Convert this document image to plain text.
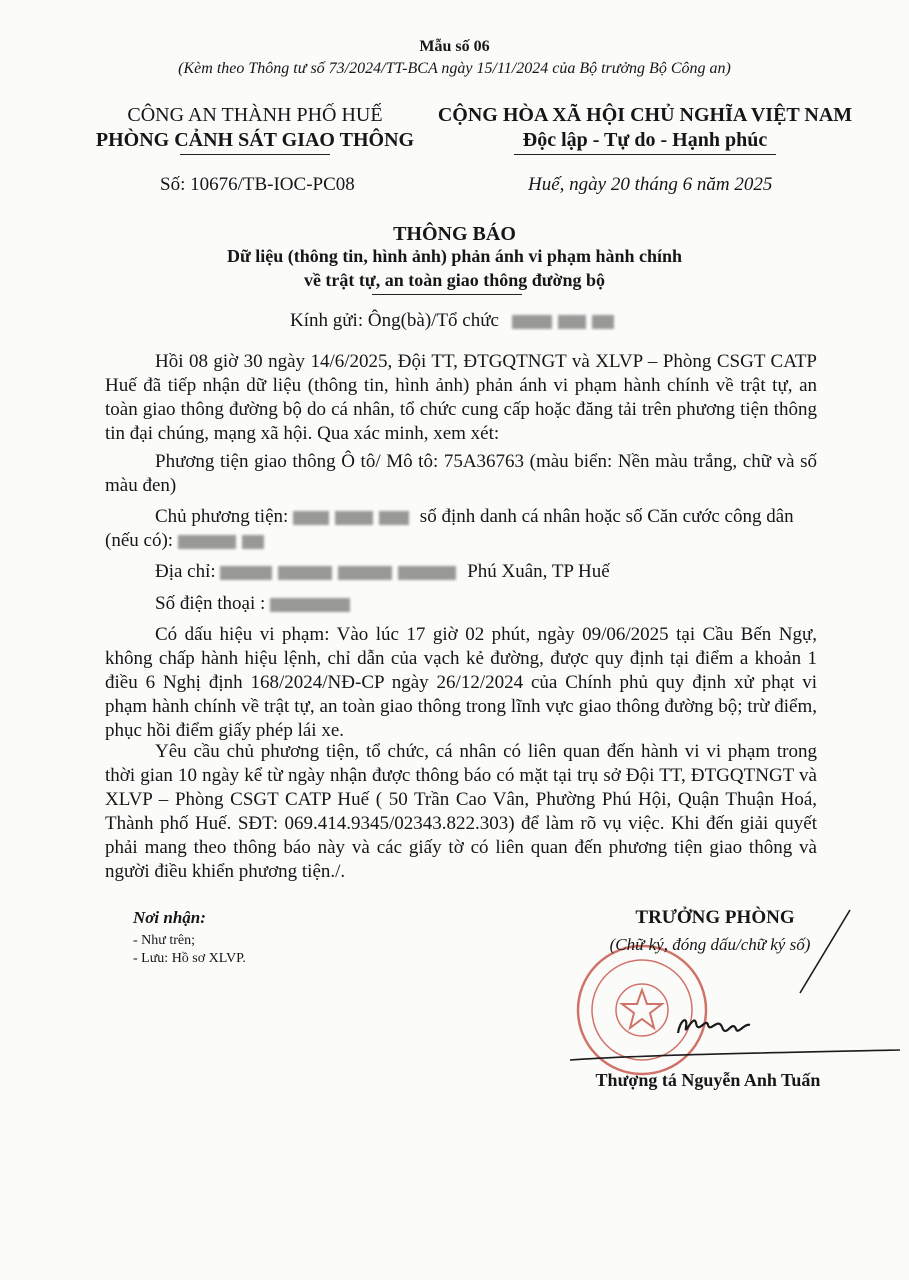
Mẫu số 06
(Kèm theo Thông tư số 73/2024/TT-BCA ngày 15/11/2024 của Bộ trưởng Bộ Công an)
CÔNG AN THÀNH PHỐ HUẾ
PHÒNG CẢNH SÁT GIAO THÔNG
CỘNG HÒA XÃ HỘI CHỦ NGHĨA VIỆT NAM
Độc lập - Tự do - Hạnh phúc
Số: 10676/TB-IOC-PC08	Huế, ngày 20 tháng 6 năm 2025
THÔNG BÁO
Dữ liệu (thông tin, hình ảnh) phản ánh vi phạm hành chính
về trật tự, an toàn giao thông đường bộ
Kính gửi: Ông(bà)/Tổ chức
Hồi 08 giờ 30 ngày 14/6/2025, Đội TT, ĐTGQTNGT và XLVP – Phòng CSGT CATP Huế đã tiếp nhận dữ liệu (thông tin, hình ảnh) phản ánh vi phạm hành chính về trật tự, an toàn giao thông đường bộ do cá nhân, tổ chức cung cấp hoặc đăng tải trên phương tiện thông tin đại chúng, mạng xã hội. Qua xác minh, xem xét:
Phương tiện giao thông Ô tô/ Mô tô: 75A36763 (màu biển: Nền màu trắng, chữ và số màu đen)
Chủ phương tiện:	số định danh cá nhân hoặc số Căn cước công dân
(nếu có):
Địa chỉ:	Phú Xuân, TP Huế
Số điện thoại :
Có dấu hiệu vi phạm: Vào lúc 17 giờ 02 phút, ngày 09/06/2025 tại Cầu Bến Ngự, không chấp hành hiệu lệnh, chỉ dẫn của vạch kẻ đường, được quy định tại điểm a khoản 1 điều 6 Nghị định 168/2024/NĐ-CP ngày 26/12/2024 của Chính phủ quy định xử phạt vi phạm hành chính về trật tự, an toàn giao thông trong lĩnh vực giao thông đường bộ; trừ điểm, phục hồi điểm giấy phép lái xe.
Yêu cầu chủ phương tiện, tổ chức, cá nhân có liên quan đến hành vi vi phạm trong thời gian 10 ngày kể từ ngày nhận được thông báo có mặt tại trụ sở Đội TT, ĐTGQTNGT và XLVP – Phòng CSGT CATP Huế ( 50 Trần Cao Vân, Phường Phú Hội, Quận Thuận Hoá, Thành phố Huế. SĐT: 069.414.9345/02343.822.303) để làm rõ vụ việc. Khi đến giải quyết phải mang theo thông báo này và các giấy tờ có liên quan đến phương tiện giao thông và người điều khiển phương tiện./.
Nơi nhận:
- Như trên;
- Lưu: Hồ sơ XLVP.
TRƯỞNG PHÒNG
(Chữ ký, đóng dấu/chữ ký số)
Thượng tá Nguyễn Anh Tuấn
